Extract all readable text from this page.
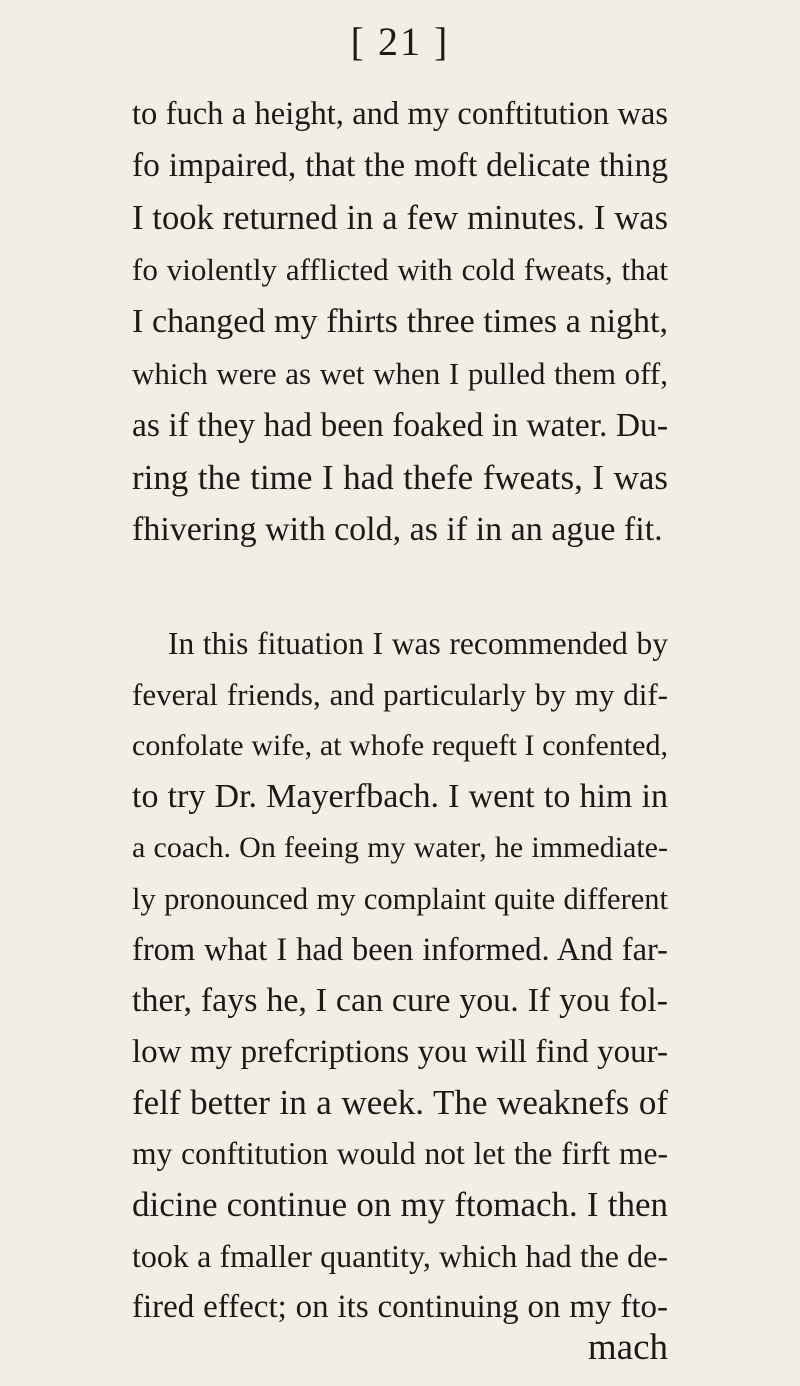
[ 21 ]
to fuch a height, and my conftitution was
fo impaired, that the moft delicate thing
I took returned in a few minutes. I was
fo violently afflicted with cold fweats, that
I changed my fhirts three times a night,
which were as wet when I pulled them off,
as if they had been foaked in water. Du-
ring the time I had thefe fweats, I was
fhivering with cold, as if in an ague fit.
In this fituation I was recommended by
feveral friends, and particularly by my dif-
confolate wife, at whofe requeft I confented,
to try Dr. Mayerfbach. I went to him in
a coach. On feeing my water, he immediate-
ly pronounced my complaint quite different
from what I had been informed. And far-
ther, fays he, I can cure you. If you fol-
low my prefcriptions you will find your-
felf better in a week. The weaknefs of
my conftitution would not let the firft me-
dicine continue on my ftomach. I then
took a fmaller quantity, which had the de-
fired effect; on its continuing on my fto-
mach
